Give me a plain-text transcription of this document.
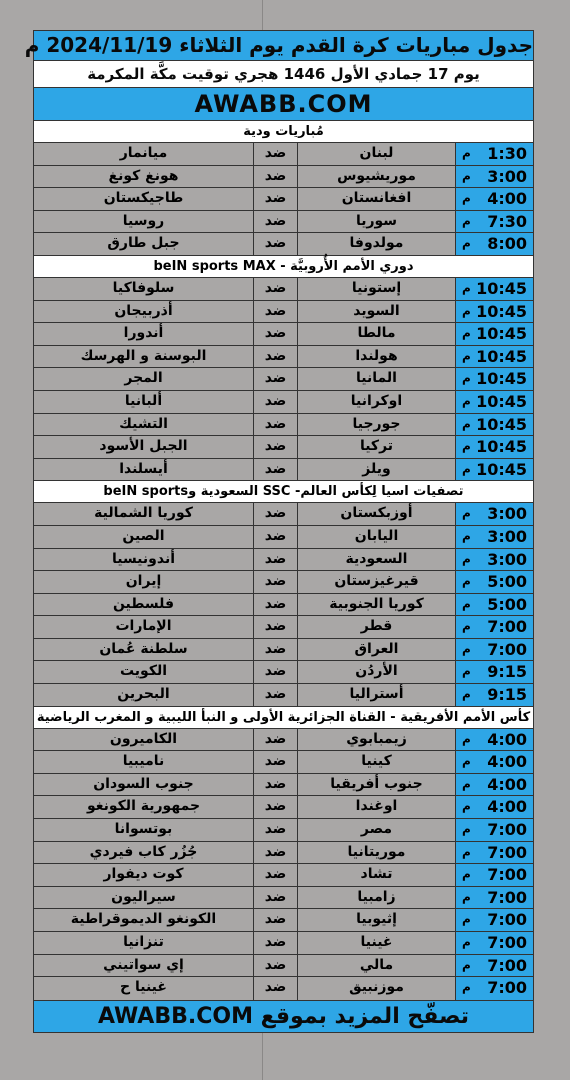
جدول مباريات كرة القدم يوم الثلاثاء 2024/11/19 م
يوم 17 جمادي الأول 1446 هجري توقيت مكَّة المكرمة
AWABB.COM
مُباريات ودية
1:30
م
لبنان
ضد
ميانمار
3:00
م
موريشيوس
ضد
هونغ كونغ
4:00
م
افغانستان
ضد
طاجيكستان
7:30
م
سوريا
ضد
روسيا
8:00
م
مولدوفا
ضد
جبل طارق
دوري الأمم الأُروبيَّة - beIN sports MAX
10:45
م
إستونيا
ضد
سلوفاكيا
10:45
م
السويد
ضد
أذربيجان
10:45
م
مالطا
ضد
أندورا
10:45
م
هولندا
ضد
البوسنة و الهرسك
10:45
م
المانيا
ضد
المجر
10:45
م
اوكرانيا
ضد
ألبانيا
10:45
م
جورجيا
ضد
التشيك
10:45
م
تركيا
ضد
الجبل الأسود
10:45
م
ويلز
ضد
أيسلندا
تصفيات اسيا لِكأس العالم- SSC السعودية وbeIN sports
3:00
م
أوزبكستان
ضد
كوريا الشمالية
3:00
م
اليابان
ضد
الصين
3:00
م
السعودية
ضد
أندونيسيا
5:00
م
قيرغيزستان
ضد
إيران
5:00
م
كوريا الجنوبية
ضد
فلسطين
7:00
م
قطر
ضد
الإمارات
7:00
م
العراق
ضد
سلطنة عُمان
9:15
م
الأردُن
ضد
الكويت
9:15
م
أستراليا
ضد
البحرين
كأس الأمم الأفريقية - القناة الجزائرية الأولى و النبأ الليبية و المغرب الرياضية
4:00
م
زيمبابوي
ضد
الكاميرون
4:00
م
كينيا
ضد
ناميبيا
4:00
م
جنوب أفريقيا
ضد
جنوب السودان
4:00
م
اوغندا
ضد
جمهورية الكونغو
7:00
م
مصر
ضد
بوتسوانا
7:00
م
موريتانيا
ضد
جُزُر كاب فيردي
7:00
م
تشاد
ضد
كوت ديفوار
7:00
م
زامبيا
ضد
سيراليون
7:00
م
إثيوبيا
ضد
الكونغو الديموقراطية
7:00
م
غينيا
ضد
تنزانيا
7:00
م
مالي
ضد
إي سواتيني
7:00
م
موزنبيق
ضد
غينيا ح
تصفّح المزيد بموقع AWABB.COM
